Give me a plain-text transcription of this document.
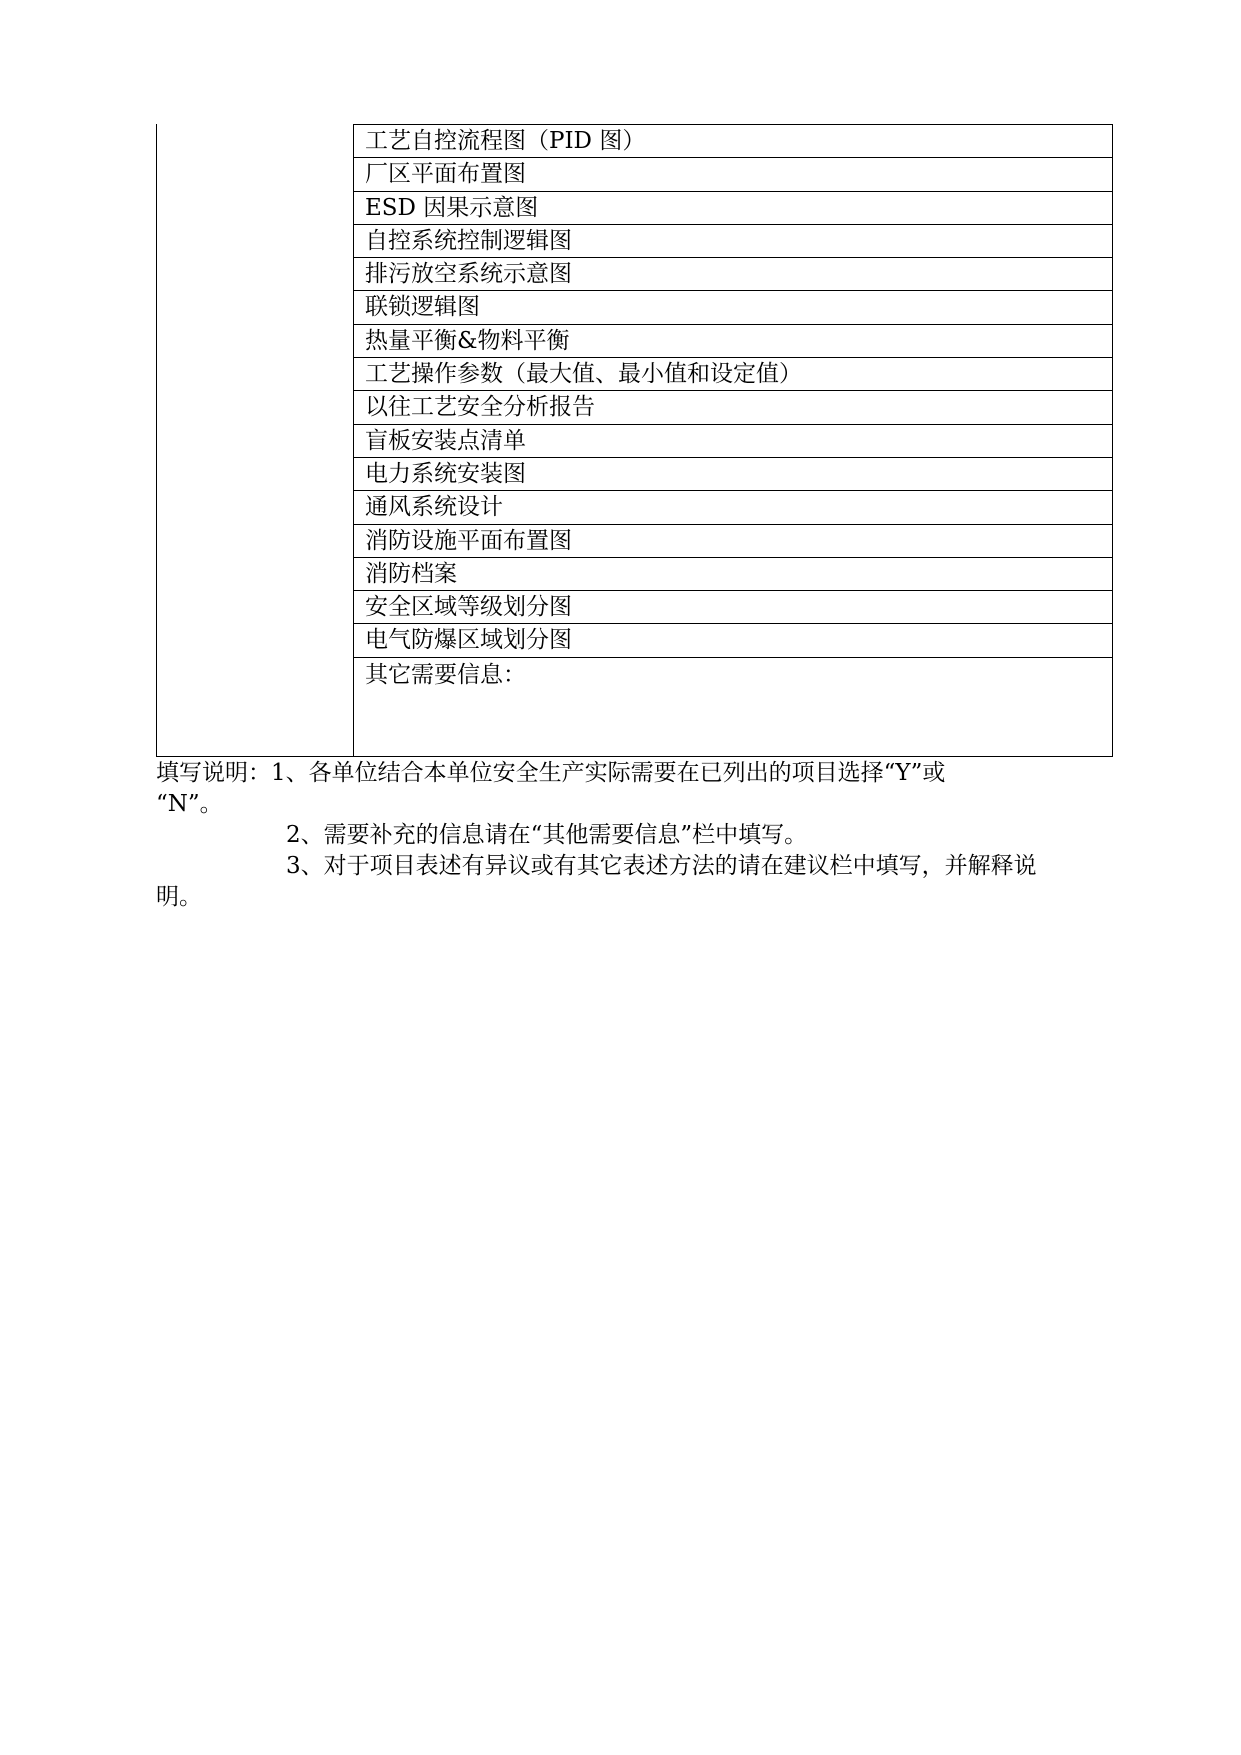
工艺自控流程图（PID 图）
厂区平面布置图
ESD 因果示意图
自控系统控制逻辑图
排污放空系统示意图
联锁逻辑图
热量平衡&物料平衡
工艺操作参数（最大值、最小值和设定值）
以往工艺安全分析报告
盲板安装点清单
电力系统安装图
通风系统设计
消防设施平面布置图
消防档案
安全区域等级划分图
电气防爆区域划分图
其它需要信息：
填写说明：1、各单位结合本单位安全生产实际需要在已列出的项目选择“Y”或
“N”。
2、需要补充的信息请在“其他需要信息”栏中填写。
3、对于项目表述有异议或有其它表述方法的请在建议栏中填写，并解释说
明。
